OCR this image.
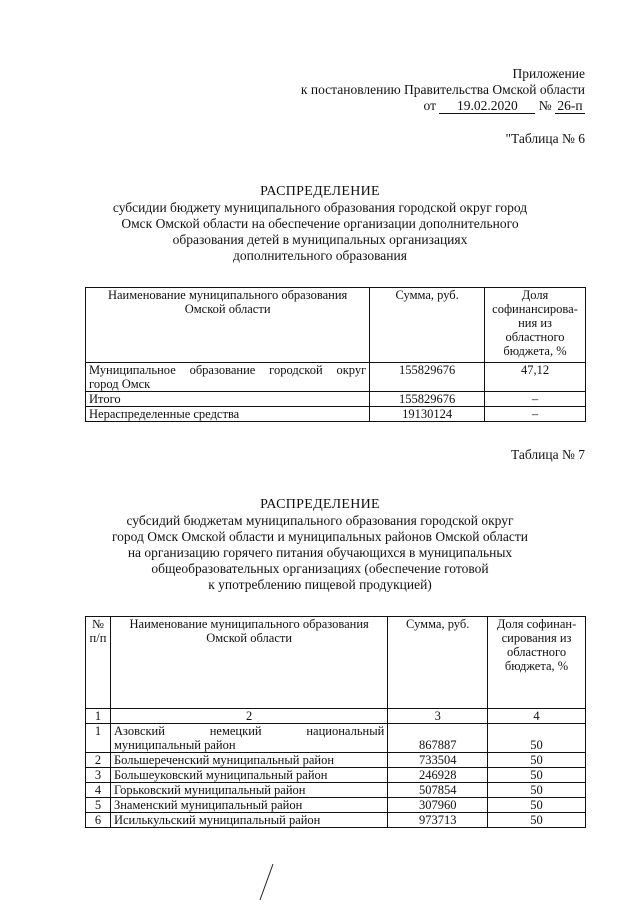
Приложение
к постановлению Правительства Омской области
от 19.02.2020 № 26-п
"Таблица № 6
РАСПРЕДЕЛЕНИЕ
субсидии бюджету муниципального образования городской округ город
Омск Омской области на обеспечение организации дополнительного
образования детей в муниципальных организациях
дополнительного образования
Наименование муниципального образования Омской области	Сумма, руб.	Доля софинансирова-ния из областного бюджета, %
Муниципальное образование городской округ город Омск	155829676	47,12
Итого	155829676	–
Нераспределенные средства	19130124	–
Таблица № 7
РАСПРЕДЕЛЕНИЕ
субсидий бюджетам муниципального образования городской округ
город Омск Омской области и муниципальных районов Омской области
на организацию горячего питания обучающихся в муниципальных
общеобразовательных организациях (обеспечение готовой
к употреблению пищевой продукцией)
№ п/п	Наименование муниципального образования Омской области	Сумма, руб.	Доля софинан-сирования из областного бюджета, %
1	2	3	4
1	Азовский немецкий национальный муниципальный район	867887	50
2	Большереченский муниципальный район	733504	50
3	Большеуковский муниципальный район	246928	50
4	Горьковский муниципальный район	507854	50
5	Знаменский муниципальный район	307960	50
6	Исилькульский муниципальный район	973713	50
